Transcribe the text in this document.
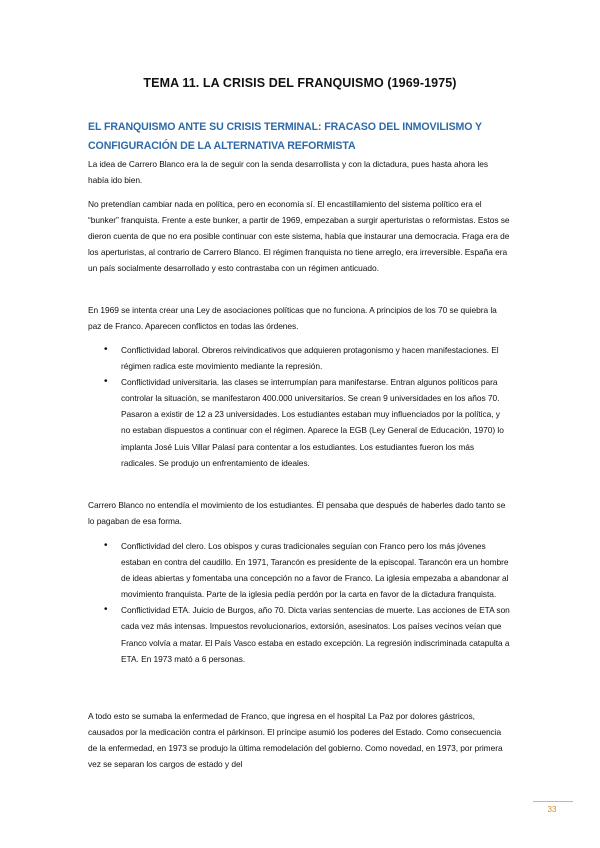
TEMA 11. LA CRISIS DEL FRANQUISMO (1969-1975)
EL FRANQUISMO ANTE SU CRISIS TERMINAL: FRACASO DEL INMOVILISMO Y CONFIGURACIÓN DE LA ALTERNATIVA REFORMISTA

La idea de Carrero Blanco era la de seguir con la senda desarrollista y con la dictadura, pues hasta ahora les había ido bien.

No pretendían cambiar nada en política, pero en economía sí. El encastillamiento del sistema político era el “bunker” franquista. Frente a este bunker, a partir de 1969, empezaban a surgir aperturistas o reformistas. Estos se dieron cuenta de que no era posible continuar con este sistema, había que instaurar una democracia. Fraga era de los aperturistas, al contrario de Carrero Blanco. El régimen franquista no tiene arreglo, era irreversible. España era un país socialmente desarrollado y esto contrastaba con un régimen anticuado.

En 1969 se intenta crear una Ley de asociaciones políticas que no funciona. A principios de los 70 se quiebra la paz de Franco. Aparecen conflictos en todas las órdenes.

• Conflictividad laboral. Obreros reivindicativos que adquieren protagonismo y hacen manifestaciones. El régimen radica este movimiento mediante la represión.
• Conflictividad universitaria. las clases se interrumpían para manifestarse. Entran algunos políticos para controlar la situación, se manifestaron 400.000 universitarios. Se crean 9 universidades en los años 70. Pasaron a existir de 12 a 23 universidades. Los estudiantes estaban muy influenciados por la política, y no estaban dispuestos a continuar con el régimen. Aparece la EGB (Ley General de Educación, 1970) lo implanta José Luis Villar Palasí para contentar a los estudiantes. Los estudiantes fueron los más radicales. Se produjo un enfrentamiento de ideales.

Carrero Blanco no entendía el movimiento de los estudiantes. Él pensaba que después de haberles dado tanto se lo pagaban de esa forma.

• Conflictividad del clero. Los obispos y curas tradicionales seguían con Franco pero los más jóvenes estaban en contra del caudillo. En 1971, Tarancón es presidente de la episcopal. Tarancón era un hombre de ideas abiertas y fomentaba una concepción no a favor de Franco. La iglesia empezaba a abandonar al movimiento franquista. Parte de la iglesia pedía perdón por la carta en favor de la dictadura franquista.
• Conflictividad ETA. Juicio de Burgos, año 70. Dicta varias sentencias de muerte. Las acciones de ETA son cada vez más intensas. Impuestos revolucionarios, extorsión, asesinatos. Los países vecinos veían que Franco volvía a matar. El País Vasco estaba en estado excepción. La regresión indiscriminada catapulta a ETA. En 1973 mató a 6 personas.

A todo esto se sumaba la enfermedad de Franco, que ingresa en el hospital La Paz por dolores gástricos, causados por la medicación contra el párkinson. El príncipe asumió los poderes del Estado. Como consecuencia de la enfermedad, en 1973 se produjo la última remodelación del gobierno. Como novedad, en 1973, por primera vez se separan los cargos de estado y del

33
